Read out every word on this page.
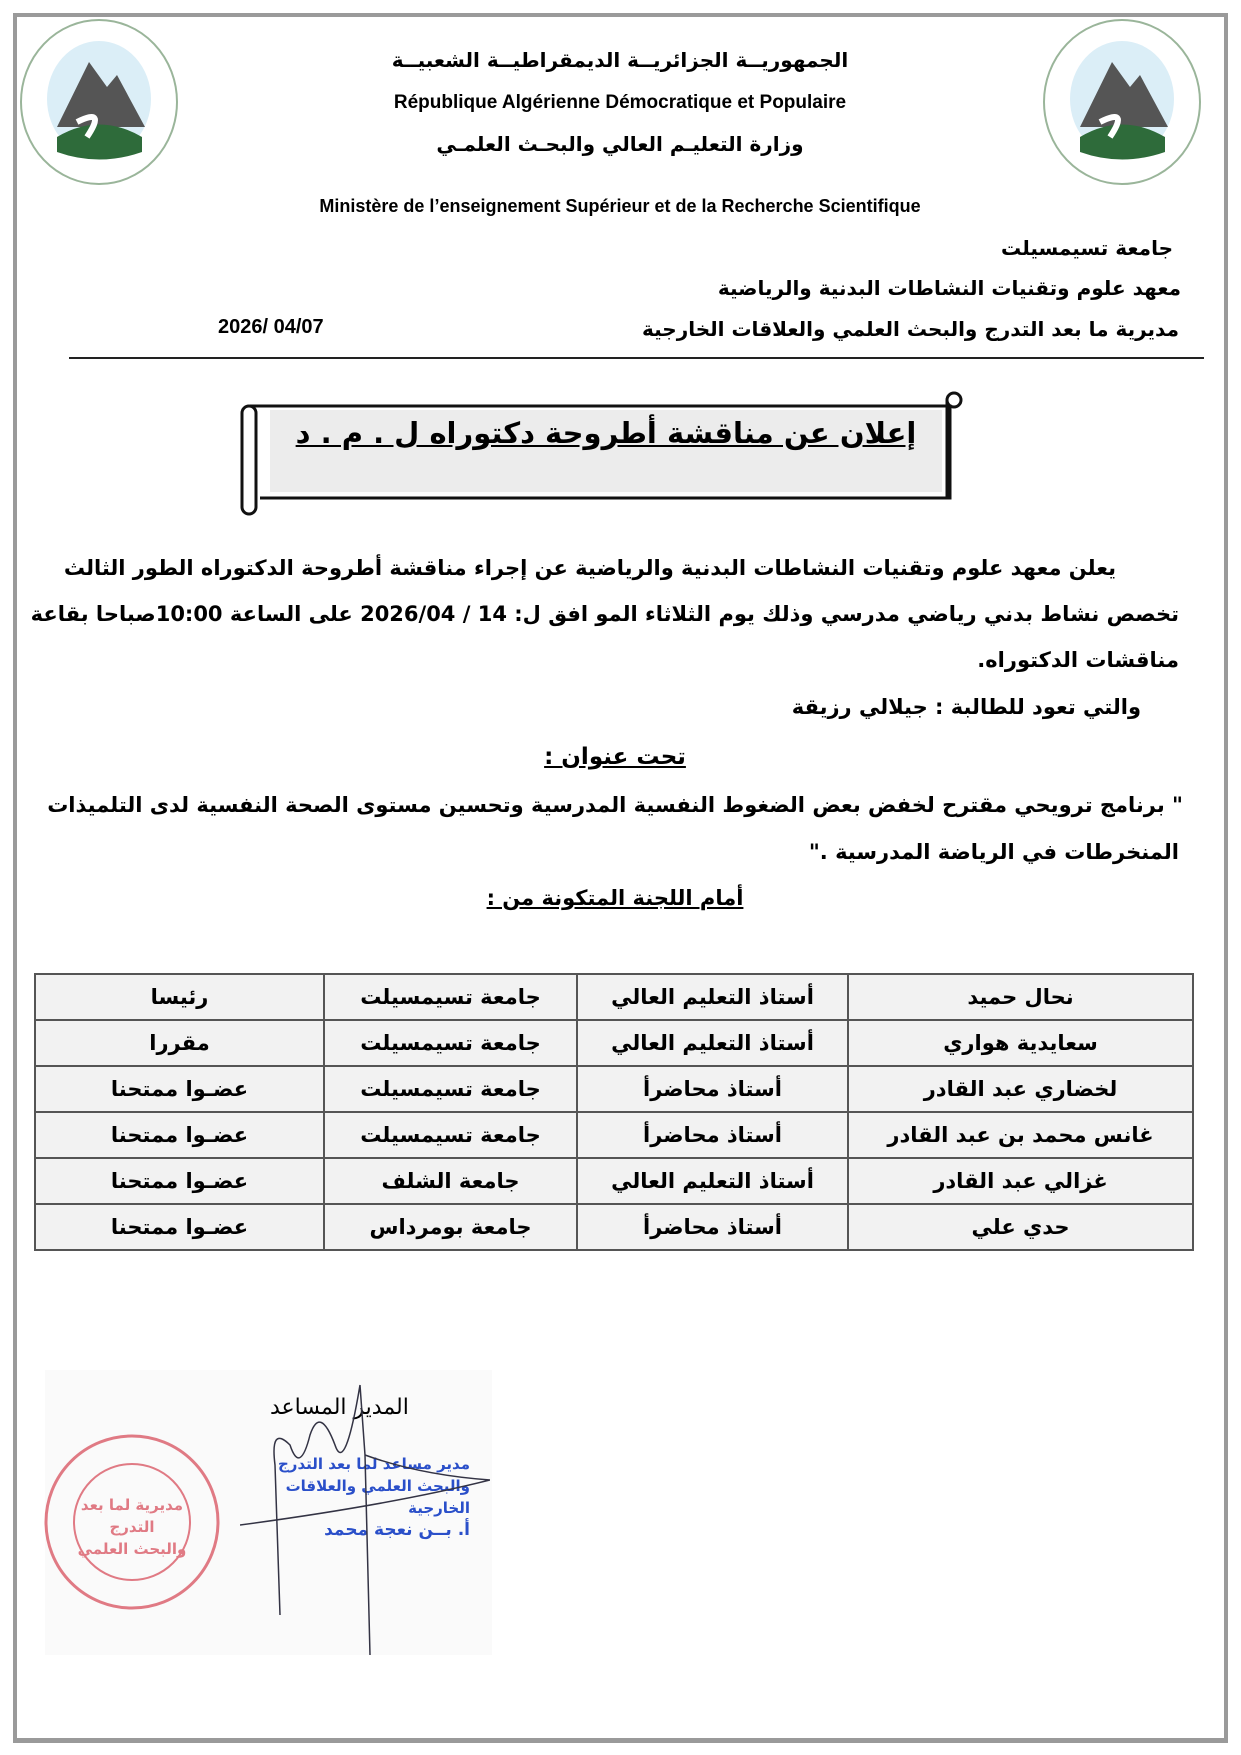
الجمهوريــة الجزائريــة الديمقراطيــة الشعبيــة
République Algérienne Démocratique et Populaire
وزارة التعليـم العالي والبحـث العلمـي
Ministère de l’enseignement Supérieur et de la Recherche Scientifique
جامعة تسيمسيلت
معهد علوم وتقنيات النشاطات البدنية والرياضية
مديرية ما بعد التدرج والبحث العلمي والعلاقات الخارجية
2026/ 04/07
إعلان عن مناقشة أطروحة دكتوراه ل . م . د
يعلن معهد علوم وتقنيات النشاطات البدنية والرياضية عن إجراء مناقشة أطروحة الدكتوراه الطور الثالث
تخصص نشاط بدني رياضي مدرسي وذلك يوم الثلاثاء المو افق ل: 14 / 2026/04 على الساعة 10:00صباحا بقاعة
مناقشات الدكتوراه.
والتي تعود للطالبة : جيلالي رزيقة
تحت عنوان :
" برنامج ترويحي مقترح لخفض بعض الضغوط النفسية المدرسية وتحسين مستوى الصحة النفسية لدى التلميذات
المنخرطات في الرياضة المدرسية ."
أمام اللجنة المتكونة من :
نحال حميد	أستاذ التعليم العالي	جامعة تسيمسيلت	رئيسا
سعايدية هواري	أستاذ التعليم العالي	جامعة تسيمسيلت	مقررا
لخضاري عبد القادر	أستاذ محاضرأ	جامعة تسيمسيلت	عضـوا ممتحنا
غانس محمد بن عبد القادر	أستاذ محاضرأ	جامعة تسيمسيلت	عضـوا ممتحنا
غزالي عبد القادر	أستاذ التعليم العالي	جامعة الشلف	عضـوا ممتحنا
حدي علي	أستاذ محاضرأ	جامعة بومرداس	عضـوا ممتحنا
مديرية لما بعد
التدرج
والبحث العلمي
المدير المساعد
مدير مساعد لما بعد التدرج
والبحث العلمي والعلاقات الخارجية
أ. بــن نعجة محمد
